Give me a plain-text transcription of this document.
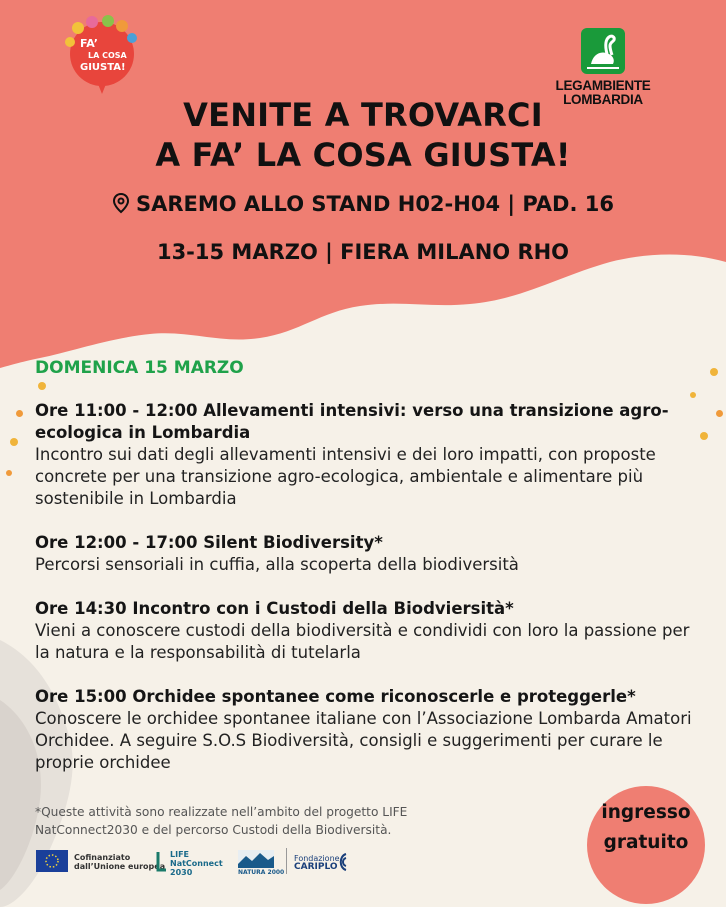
FA’
LA COSA
GIUSTA!
LEGAMBIENTE
LOMBARDIA
VENITE A TROVARCI
A FA’ LA COSA GIUSTA!
SAREMO ALLO STAND H02-H04 | PAD. 16
13-15 MARZO | FIERA MILANO RHO
DOMENICA 15 MARZO
Ore 11:00 - 12:00 Allevamenti intensivi: verso una transizione agro-ecologica in Lombardia
Incontro sui dati degli allevamenti intensivi e dei loro impatti, con proposte concrete per una transizione agro-ecologica, ambientale e alimentare più sostenibile in Lombardia
Ore 12:00 - 17:00 Silent Biodiversity*
Percorsi sensoriali in cuffia, alla scoperta della biodiversità
Ore 14:30 Incontro con i Custodi della Biodviersità*
Vieni a conoscere custodi della biodiversità e condividi con loro la passione per la natura e la responsabilità di tutelarla
Ore 15:00 Orchidee spontanee come riconoscerle e proteggerle*
Conoscere le orchidee spontanee italiane con l’Associazione Lombarda Amatori Orchidee. A seguire S.O.S Biodiversità, consigli e suggerimenti per curare le proprie orchidee
*Queste attività sono realizzate nell’ambito del progetto LIFE NatConnect2030 e del percorso Custodi della Biodiversità.
ingresso
gratuito
Cofinanziato
dall’Unione europea
LIFE
NatConnect
2030	NATURA 2000
Fondazione
CARIPLO
